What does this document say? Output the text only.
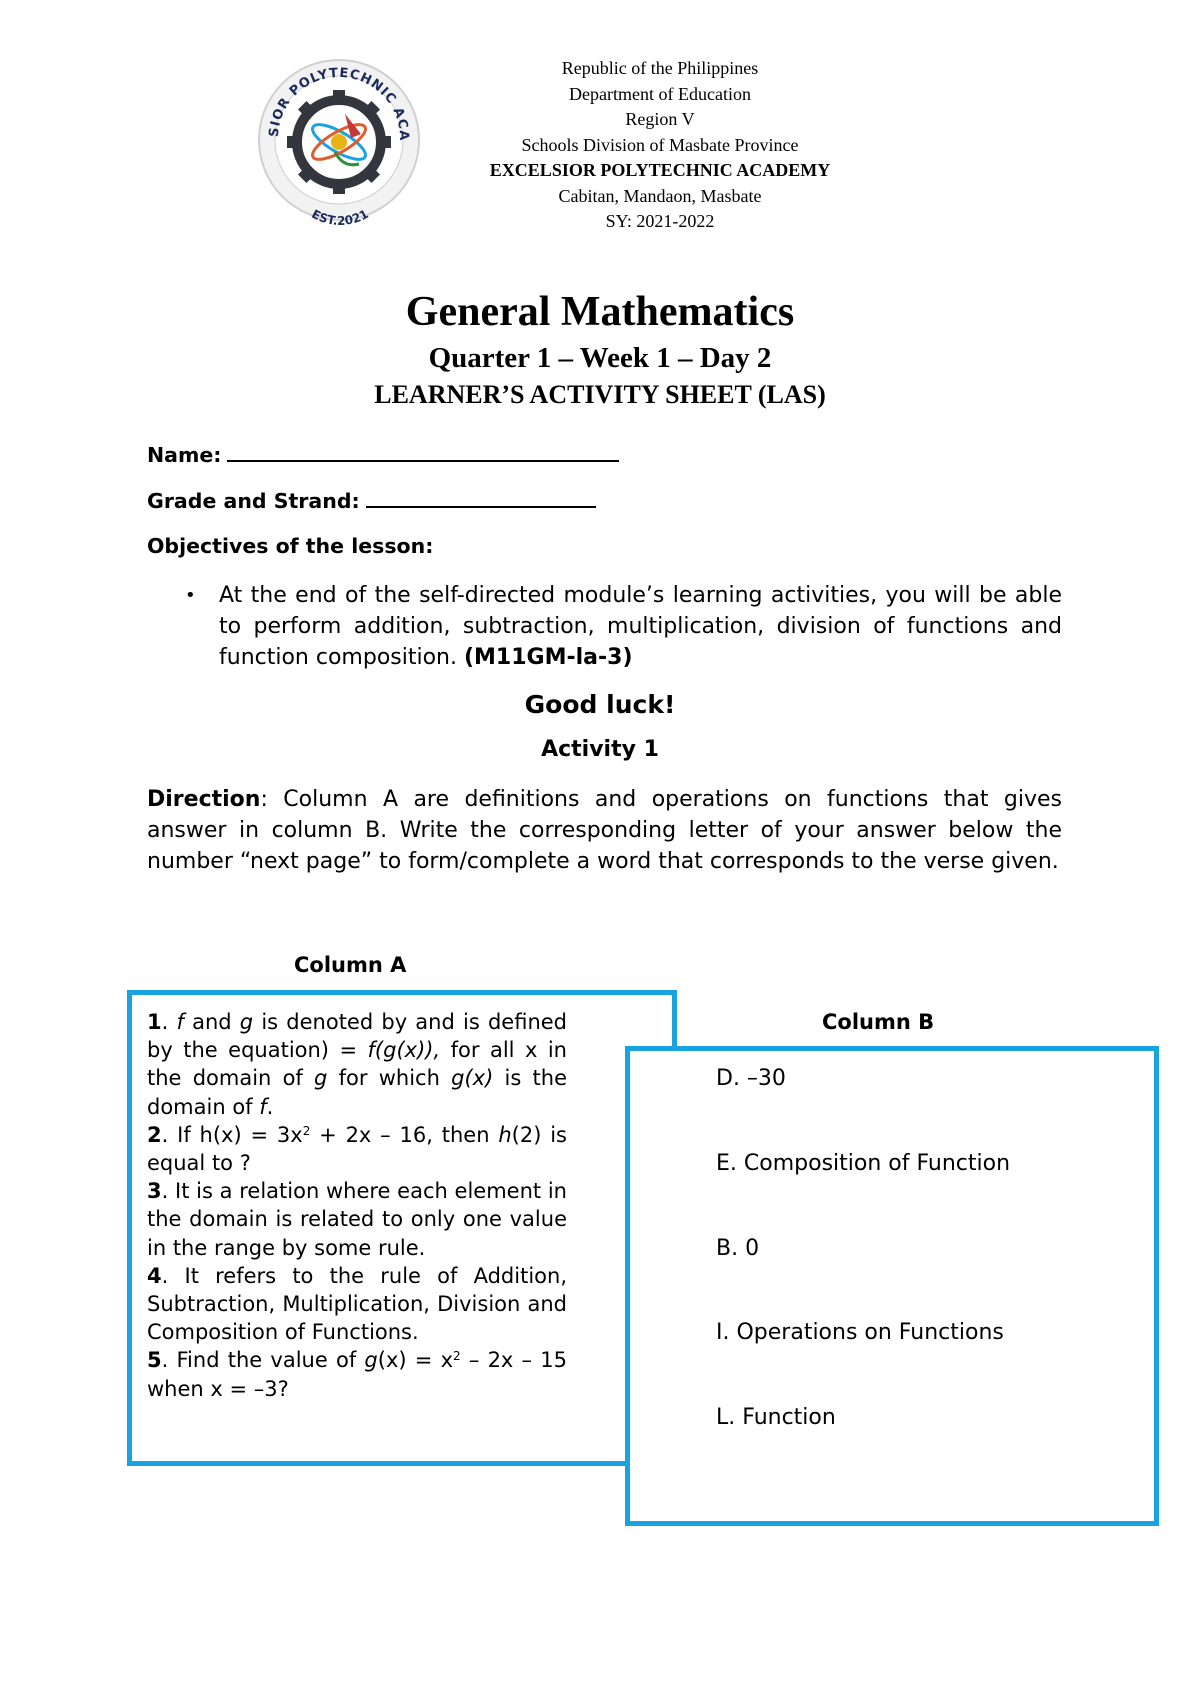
SIOR POLYTECHNIC ACA
EST.2021
Republic of the Philippines
Department of Education
Region V
Schools Division of Masbate Province
EXCELSIOR POLYTECHNIC ACADEMY
Cabitan, Mandaon, Masbate
SY: 2021-2022
General Mathematics
Quarter 1 – Week 1 – Day 2
LEARNER’S ACTIVITY SHEET (LAS)
Name:
Grade and Strand:
Objectives of the lesson:
• At the end of the self-directed module’s learning activities, you will be able to perform addition, subtraction, multiplication, division of functions and function composition. (M11GM-la-3)
Good luck!
Activity 1
Direction: Column A are definitions and operations on functions that gives answer in column B. Write the corresponding letter of your answer below the number “next page” to form/complete a word that corresponds to the verse given.
Column A
Column B

1. f and g is denoted by and is defined by the equation) = f(g(x)), for all x in the domain of g for which g(x) is the domain of f.

2. If $h(x) = 3x^2 + 2x - 16$, then h(2) is equal to ?

3. It is a relation where each element in the domain is related to only one value in the range by some rule.

4. It refers to the rule of Addition, Subtraction, Multiplication, Division and Composition of Functions.

5. Find the value of $g(x) = x^2 - 2x - 15$ when x = –3?

D. –30
E. Composition of Function
B. 0
I. Operations on Functions
L. Function
